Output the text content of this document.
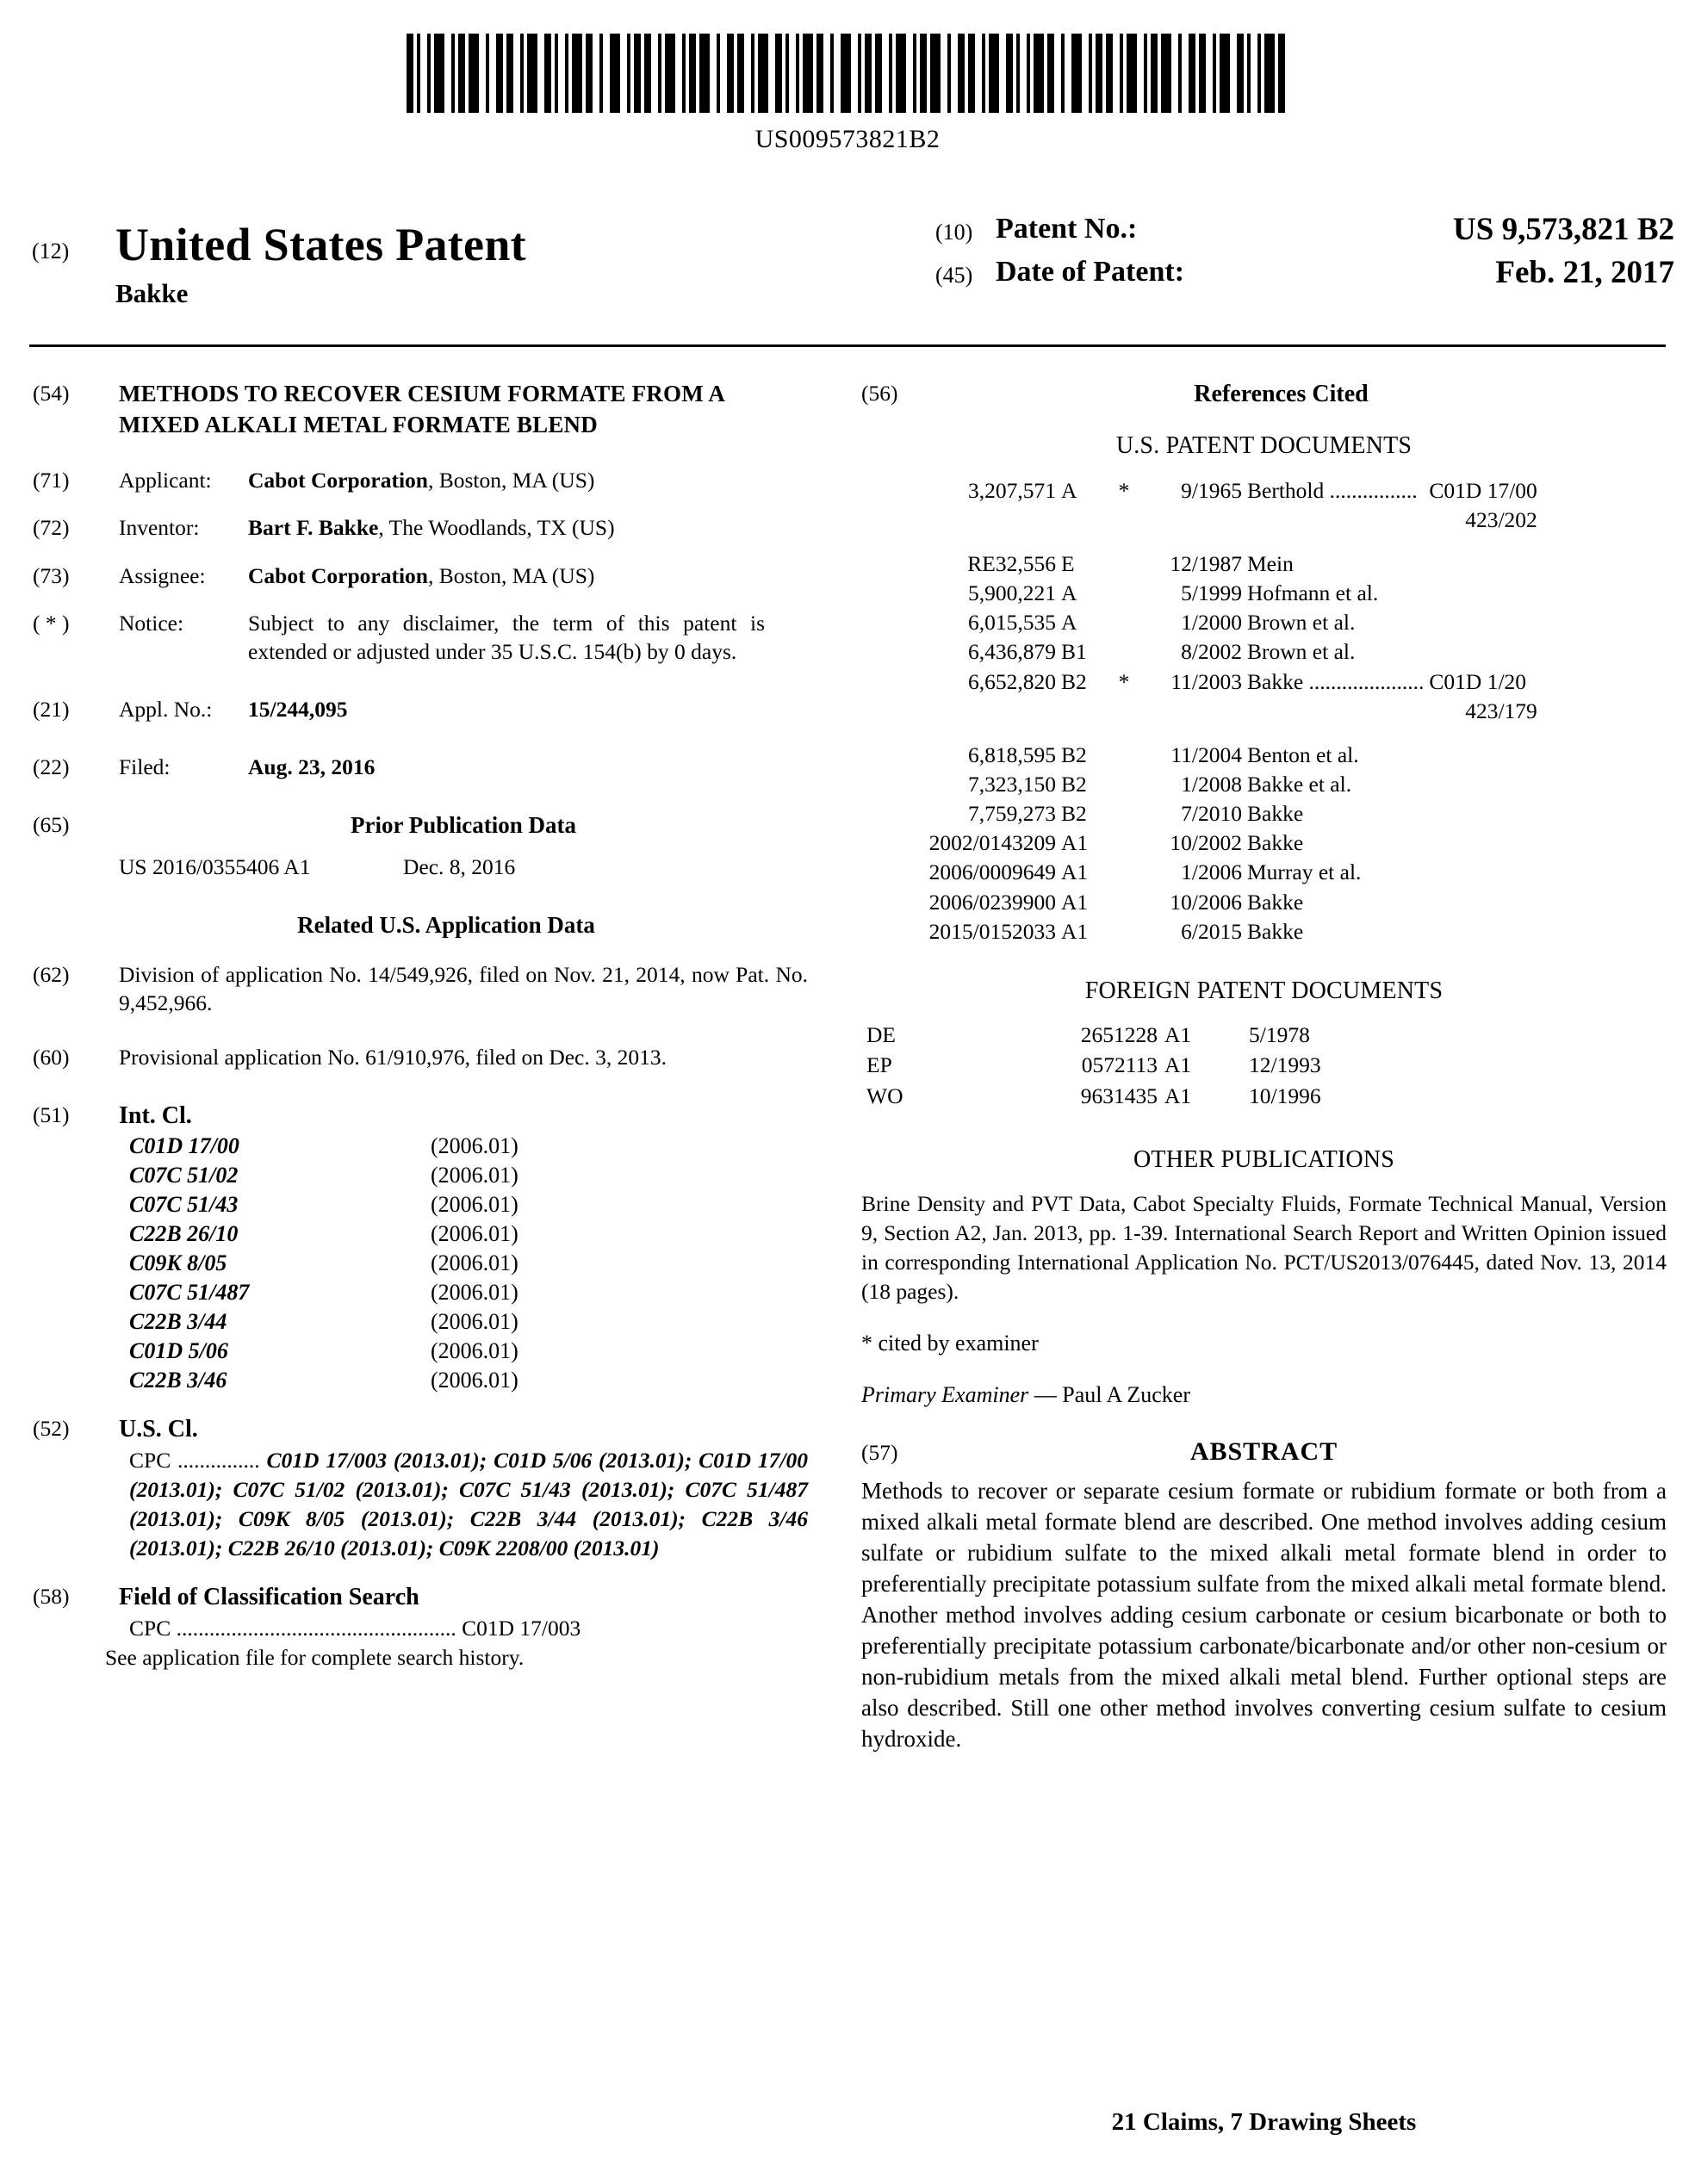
US009573821B2
(12) United States Patent
Bakke
(10) Patent No.:	US 9,573,821 B2
(45) Date of Patent:	Feb. 21, 2017
(54)	METHODS TO RECOVER CESIUM FORMATE FROM A MIXED ALKALI METAL FORMATE BLEND
(71)	Applicant: Cabot Corporation, Boston, MA (US)
(72)	Inventor: Bart F. Bakke, The Woodlands, TX (US)
(73)	Assignee: Cabot Corporation, Boston, MA (US)
( * )	Notice:	Subject to any disclaimer, the term of this patent is extended or adjusted under 35 U.S.C. 154(b) by 0 days.
(21)	Appl. No.: 15/244,095
(22)	Filed:	Aug. 23, 2016
(65)	Prior Publication Data
US 2016/0355406 A1	Dec. 8, 2016
Related U.S. Application Data
(62)	Division of application No. 14/549,926, filed on Nov. 21, 2014, now Pat. No. 9,452,966.
(60)	Provisional application No. 61/910,976, filed on Dec. 3, 2013.
(51)	Int. Cl.
C01D 17/00	(2006.01)
C07C 51/02	(2006.01)
C07C 51/43	(2006.01)
C22B 26/10	(2006.01)
C09K 8/05	(2006.01)
C07C 51/487	(2006.01)
C22B 3/44	(2006.01)
C01D 5/06	(2006.01)
C22B 3/46	(2006.01)
(52)	U.S. Cl.
CPC ............... C01D 17/003 (2013.01); C01D 5/06 (2013.01); C01D 17/00 (2013.01); C07C 51/02 (2013.01); C07C 51/43 (2013.01); C07C 51/487 (2013.01); C09K 8/05 (2013.01); C22B 3/44 (2013.01); C22B 3/46 (2013.01); C22B 26/10 (2013.01); C09K 2208/00 (2013.01)
(58)	Field of Classification Search
CPC ................................................... C01D 17/003
See application file for complete search history.
(56)	References Cited
U.S. PATENT DOCUMENTS
3,207,571	A	*	9/1965	Berthold ................	C01D 17/00
423/202					

RE32,556	E		12/1987	Mein	
5,900,221	A		5/1999	Hofmann et al.	
6,015,535	A		1/2000	Brown et al.	
6,436,879	B1		8/2002	Brown et al.	
6,652,820	B2	*	11/2003	Bakke .....................	C01D 1/20
423/179					

6,818,595	B2		11/2004	Benton et al.	
7,323,150	B2		1/2008	Bakke et al.	
7,759,273	B2		7/2010	Bakke	
2002/0143209	A1		10/2002	Bakke	
2006/0009649	A1		1/2006	Murray et al.	
2006/0239900	A1		10/2006	Bakke	
2015/0152033	A1		6/2015	Bakke	
FOREIGN PATENT DOCUMENTS
DE	2651228	A1	5/1978
EP	0572113	A1	12/1993
WO	9631435	A1	10/1996
OTHER PUBLICATIONS
Brine Density and PVT Data, Cabot Specialty Fluids, Formate Technical Manual, Version 9, Section A2, Jan. 2013, pp. 1-39. International Search Report and Written Opinion issued in corresponding International Application No. PCT/US2013/076445, dated Nov. 13, 2014 (18 pages).
* cited by examiner
Primary Examiner — Paul A Zucker
(57)	ABSTRACT
Methods to recover or separate cesium formate or rubidium formate or both from a mixed alkali metal formate blend are described. One method involves adding cesium sulfate or rubidium sulfate to the mixed alkali metal formate blend in order to preferentially precipitate potassium sulfate from the mixed alkali metal formate blend. Another method involves adding cesium carbonate or cesium bicarbonate or both to preferentially precipitate potassium carbonate/bicarbonate and/or other non-cesium or non-rubidium metals from the mixed alkali metal blend. Further optional steps are also described. Still one other method involves converting cesium sulfate to cesium hydroxide.
21 Claims, 7 Drawing Sheets
